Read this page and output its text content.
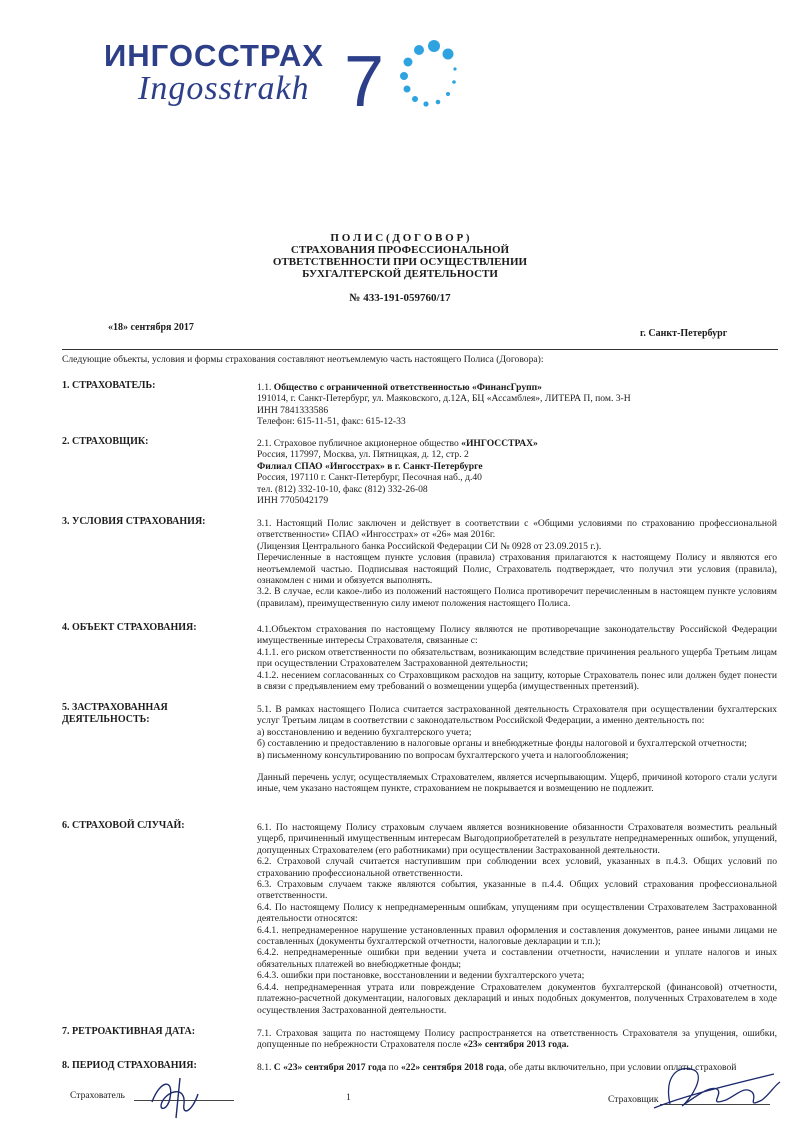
ИНГОССТРАХ
Ingosstrakh 7
П О Л И С ( Д О Г О В О Р )
СТРАХОВАНИЯ ПРОФЕССИОНАЛЬНОЙ
ОТВЕТСТВЕННОСТИ ПРИ ОСУЩЕСТВЛЕНИИ
БУХГАЛТЕРСКОЙ ДЕЯТЕЛЬНОСТИ
№ 433-191-059760/17
«18» сентября 2017
г. Санкт-Петербург
Следующие объекты, условия и формы страхования составляют неотъемлемую часть настоящего Полиса (Договора):
1. СТРАХОВАТЕЛЬ:	1.1. Общество с ограниченной ответственностью «ФинансГрупп»

191014, г. Санкт-Петербург, ул. Маяковского, д.12А, БЦ «Ассамблея», ЛИТЕРА П, пом. 3-Н

ИНН 7841333586

Телефон: 615-11-51, факс: 615-12-33

2. СТРАХОВЩИК:	2.1. Страховое публичное акционерное общество «ИНГОССТРАХ»

Россия, 117997, Москва, ул. Пятницкая, д. 12, стр. 2

Филиал СПАО «Ингосстрах» в г. Санкт-Петербурге

Россия, 197110 г. Санкт-Петербург, Песочная наб., д.40

тел. (812) 332-10-10, факс (812) 332-26-08

ИНН 7705042179

3. УСЛОВИЯ СТРАХОВАНИЯ:	3.1. Настоящий Полис заключен и действует в соответствии с «Общими условиями по страхованию профессиональной ответственности» СПАО «Ингосстрах» от «26» мая 2016г.

(Лицензия Центрального банка Российской Федерации СИ № 0928 от 23.09.2015 г.).

Перечисленные в настоящем пункте условия (правила) страхования прилагаются к настоящему Полису и являются его неотъемлемой частью. Подписывая настоящий Полис, Страхователь подтверждает, что получил эти условия (правила), ознакомлен с ними и обязуется выполнять.

3.2. В случае, если какое-либо из положений настоящего Полиса противоречит перечисленным в настоящем пункте условиям (правилам), преимущественную силу имеют положения настоящего Полиса.

4. ОБЪЕКТ СТРАХОВАНИЯ:	4.1.Объектом страхования по настоящему Полису являются не противоречащие законодательству Российской Федерации имущественные интересы Страхователя, связанные с:

4.1.1. его риском ответственности по обязательствам, возникающим вследствие причинения реального ущерба Третьим лицам при осуществлении Страхователем Застрахованной деятельности;

4.1.2. несением согласованных со Страховщиком расходов на защиту, которые Страхователь понес или должен будет понести в связи с предъявлением ему требований о возмещении ущерба (имущественных претензий).

5. ЗАСТРАХОВАННАЯ

ДЕЯТЕЛЬНОСТЬ:

5.1. В рамках настоящего Полиса считается застрахованной деятельность Страхователя при осуществлении бухгалтерских услуг Третьим лицам в соответствии с законодательством Российской Федерации, а именно деятельность по:

а) восстановлению и ведению бухгалтерского учета;

б) составлению и предоставлению в налоговые органы и внебюджетные фонды налоговой и бухгалтерской отчетности;

в) письменному консультированию по вопросам бухгалтерского учета и налогообложения;

Данный перечень услуг, осуществляемых Страхователем, является исчерпывающим. Ущерб, причиной которого стали услуги иные, чем указано настоящем пункте, страхованием не покрывается и возмещению не подлежит.

6. СТРАХОВОЙ СЛУЧАЙ:	6.1. По настоящему Полису страховым случаем является возникновение обязанности Страхователя возместить реальный ущерб, причиненный имущественным интересам Выгодоприобретателей в результате непреднамеренных ошибок, упущений, допущенных Страхователем (его работниками) при осуществлении Застрахованной деятельности.

6.2. Страховой случай считается наступившим при соблюдении всех условий, указанных в п.4.3. Общих условий по страхованию профессиональной ответственности.

6.3. Страховым случаем также являются события, указанные в п.4.4. Общих условий страхования профессиональной ответственности.

6.4. По настоящему Полису к непреднамеренным ошибкам, упущениям при осуществлении Страхователем Застрахованной деятельности относятся:

6.4.1. непреднамеренное нарушение установленных правил оформления и составления документов, ранее иными лицами не составленных (документы бухгалтерской отчетности, налоговые декларации и т.п.);

6.4.2. непреднамеренные ошибки при ведении учета и составлении отчетности, начислении и уплате налогов и иных обязательных платежей во внебюджетные фонды;

6.4.3. ошибки при постановке, восстановлении и ведении бухгалтерского учета;

6.4.4. непреднамеренная утрата или повреждение Страхователем документов бухгалтерской (финансовой) отчетности, платежно-расчетной документации, налоговых деклараций и иных подобных документов, полученных Страхователем в ходе осуществления Застрахованной деятельности.

7. РЕТРОАКТИВНАЯ ДАТА:	7.1. Страховая защита по настоящему Полису распространяется на ответственность Страхователя за упущения, ошибки, допущенные по небрежности Страхователя после «23» сентября 2013 года.

8. ПЕРИОД СТРАХОВАНИЯ:	8.1. С «23» сентября 2017 года по «22» сентября 2018 года, обе даты включительно, при условии оплаты страховой

Страхователь	1	Страховщик
